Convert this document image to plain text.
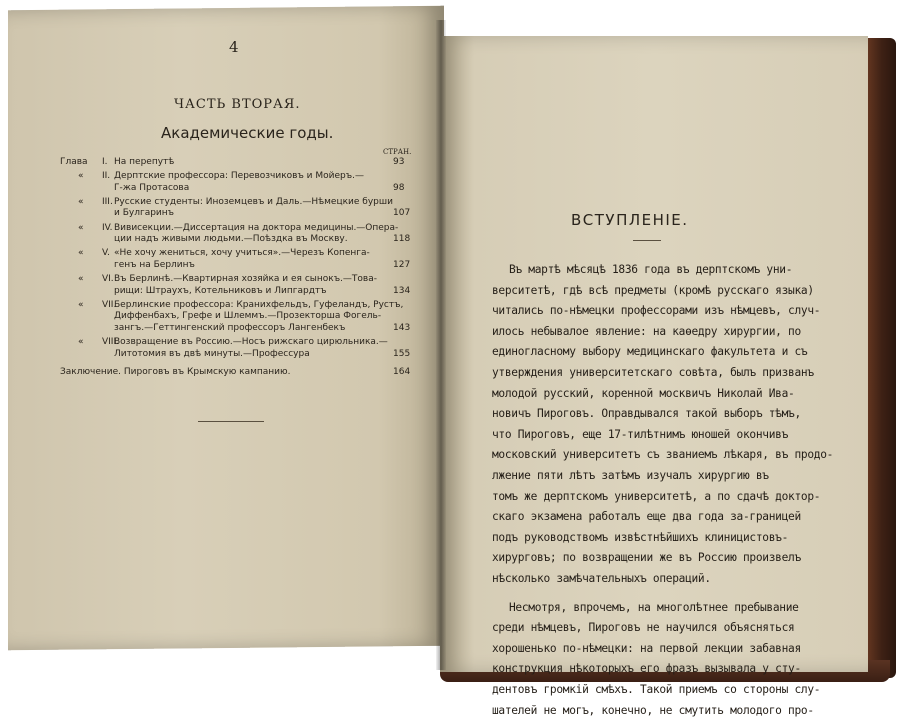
4
ЧАСТЬ ВТОРАЯ.
Академические годы.
СТРАН.
Глава I. На перепутѣ	93
« II. Дерптские профессора: Перевозчиковъ и Мойеръ.—
Г-жа Протасова	98
« III. Русские студенты: Иноземцевъ и Даль.—Нѣмецкие бурши
и Булгаринъ	107
« IV. Вивисекции.—Диссертация на доктора медицины.—Опера-
ции надъ живыми людьми.—Поѣздка въ Москву.	118
« V. «Не хочу жениться, хочу учиться».—Черезъ Копенга-
генъ на Берлинъ	127
« VI. Въ Берлинѣ.—Квартирная хозяйка и ея сынокъ.—Това-
рищи: Штраухъ, Котельниковъ и Липгардтъ	134
« VII.
Берлинские профессора: Кранихфельдъ, Гуфеландъ, Рустъ,
Диффенбахъ, Грефе и Шлеммъ.—Прозекторша Фогель-
зангъ.—Геттингенский профессоръ Лангенбекъ	143
« VIII.
Возвращение въ Россию.—Носъ рижскаго цирюльника.—
Литотомия въ двѣ минуты.—Профессура	155
Заключение. Пироговъ въ Крымскую кампанию.	164
ВСТУПЛЕНІЕ.
Въ мартѣ мѣсяцѣ 1836 года въ дерптскомъ уни-
верситетѣ, гдѣ всѣ предметы (кромѣ русскаго языка)
читались по-нѣмецки профессорами изъ нѣмцевъ, случ-
илось небывалое явление: на каѳедру хирургии, по
единогласному выбору медицинскаго факультета и съ
утверждения университетскаго совѣта, былъ призванъ
молодой русский, коренной москвичъ Николай Ива-
новичъ Пироговъ. Оправдывался такой выборъ тѣмъ,
что Пироговъ, еще 17-тилѣтнимъ юношей окончивъ
московский университетъ съ званиемъ лѣкаря, въ продо-
лжение пяти лѣтъ затѣмъ изучалъ хирургию въ
томъ же дерптскомъ университетѣ, а по сдачѣ доктор-
скаго экзамена работалъ еще два года за-границей
подъ руководствомъ извѣстнѣйшихъ клиницистовъ-
хирурговъ; по возвращении же въ Россию произвелъ
нѣсколько замѣчательныхъ операций.
Несмотря, впрочемъ, на многолѣтнее пребывание
среди нѣмцевъ, Пироговъ не научился объясняться
хорошенько по-нѣмецки: на первой лекции забавная
конструкция нѣкоторыхъ его фразъ вызывала у сту-
дентовъ громкій смѣхъ. Такой приемъ со стороны слу-
шателей не могъ, конечно, не смутить молодого про-
